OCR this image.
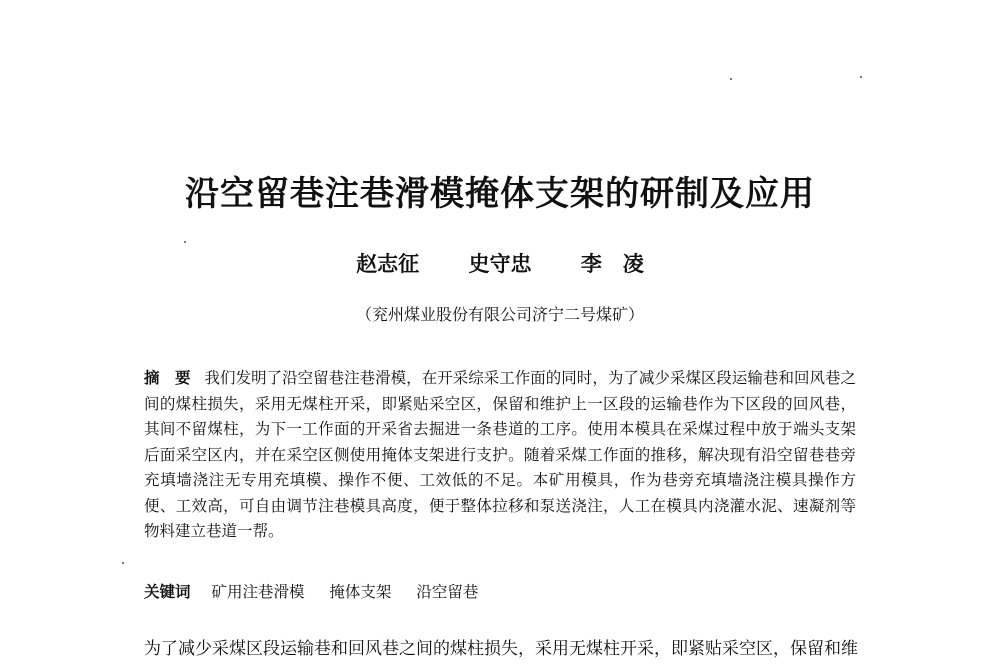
沿空留巷注巷滑模掩体支架的研制及应用
赵志征 史守忠 李　凌
（兖州煤业股份有限公司济宁二号煤矿）
摘　要 我们发明了沿空留巷注巷滑模，在开采综采工作面的同时，为了减少采煤区段运输巷和回风巷之间的煤柱损失，采用无煤柱开采，即紧贴采空区，保留和维护上一区段的运输巷作为下区段的回风巷，其间不留煤柱，为下一工作面的开采省去掘进一条巷道的工序。使用本模具在采煤过程中放于端头支架后面采空区内，并在采空区侧使用掩体支架进行支护。随着采煤工作面的推移，解决现有沿空留巷巷旁充填墙浇注无专用充填模、操作不便、工效低的不足。本矿用模具，作为巷旁充填墙浇注模具操作方便、工效高，可自由调节注巷模具高度，便于整体拉移和泵送浇注，人工在模具内浇灌水泥、速凝剂等物料建立巷道一帮。
关键词 矿用注巷滑模 掩体支架 沿空留巷
为了减少采煤区段运输巷和回风巷之间的煤柱损失，采用无煤柱开采，即紧贴采空区，保留和维
